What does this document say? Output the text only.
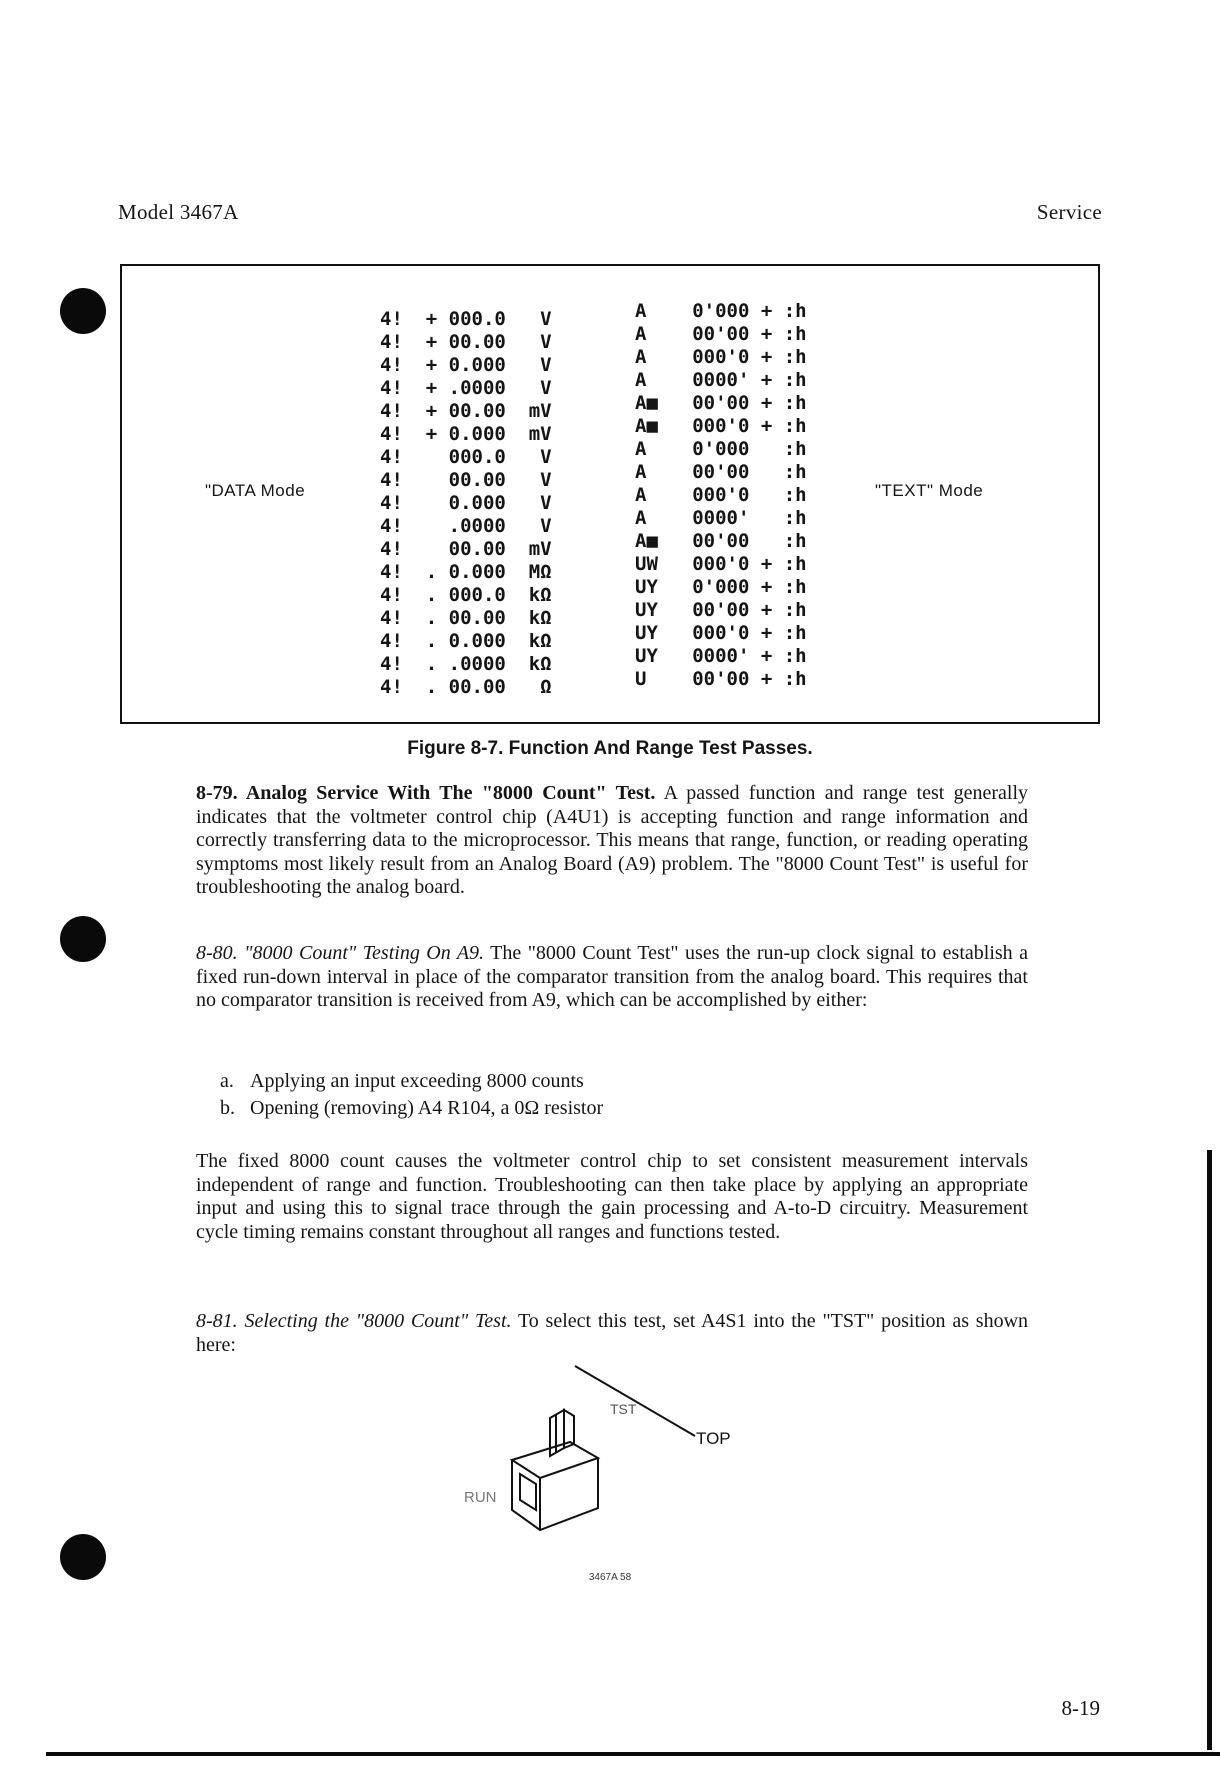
Model 3467A	Service
"DATA Mode	"TEXT" Mode
4!  + 000.0   V
4!  + 00.00   V
4!  + 0.000   V
4!  + .0000   V
4!  + 00.00  mV
4!  + 0.000  mV
4!    000.0   V
4!    00.00   V
4!    0.000   V
4!    .0000   V
4!    00.00  mV
4!  . 0.000  MΩ
4!  . 000.0  kΩ
4!  . 00.00  kΩ
4!  . 0.000  kΩ
4!  . .0000  kΩ
4!  . 00.00   Ω
A    0'000 + :h
A    00'00 + :h
A    000'0 + :h
A    0000' + :h
A■   00'00 + :h
A■   000'0 + :h
A    0'000   :h
A    00'00   :h
A    000'0   :h
A    0000'   :h
A■   00'00   :h
UW   000'0 + :h
UY   0'000 + :h
UY   00'00 + :h
UY   000'0 + :h
UY   0000' + :h
U    00'00 + :h
Figure 8-7. Function And Range Test Passes.
8-79. Analog Service With The "8000 Count" Test. A passed function and range test generally indicates that the voltmeter control chip (A4U1) is accepting function and range information and correctly transferring data to the microprocessor. This means that range, function, or reading operating symptoms most likely result from an Analog Board (A9) problem. The "8000 Count Test" is useful for troubleshooting the analog board.
8-80. "8000 Count" Testing On A9. The "8000 Count Test" uses the run-up clock signal to establish a fixed run-down interval in place of the comparator transition from the analog board. This requires that no comparator transition is received from A9, which can be accomplished by either:
a. Applying an input exceeding 8000 counts
b. Opening (removing) A4 R104, a 0Ω resistor
The fixed 8000 count causes the voltmeter control chip to set consistent measurement intervals independent of range and function. Troubleshooting can then take place by applying an appropriate input and using this to signal trace through the gain processing and A-to-D circuitry. Measurement cycle timing remains constant throughout all ranges and functions tested.
8-81. Selecting the "8000 Count" Test. To select this test, set A4S1 into the "TST" position as shown here:
TST
TOP
RUN
3467A 58
8-19
